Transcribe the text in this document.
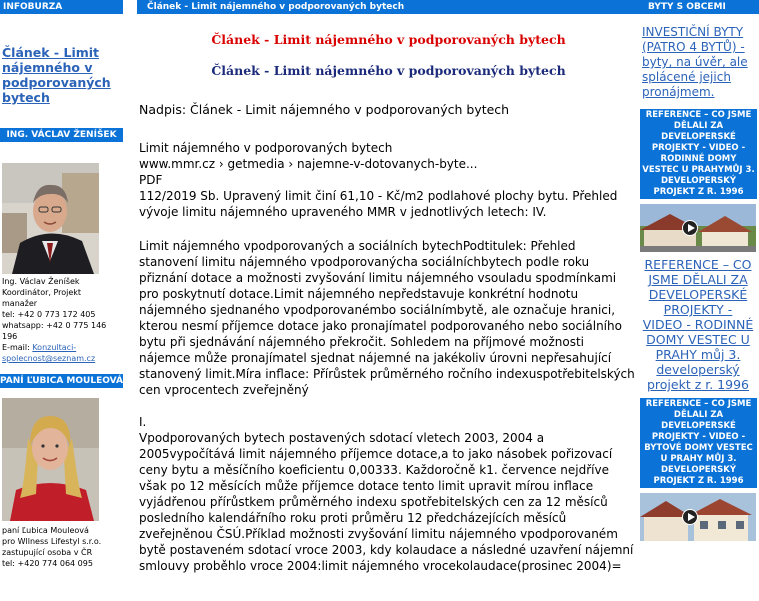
INFOBURZA
Článek - Limit nájemného v podporovaných bytech
ING. VÁCLAV ŽENÍŠEK
Ing. Václav Ženíšek
Koordinátor, Projekt
manažer
tel: +42 0 773 172 405
whatsapp: +42 0 775 146
196
E-mail: Konzultaci-spolecnost@seznam.cz
PANÍ ĽUBICA MOULEOVÁ
paní Ľubica Mouleová
pro Wllness Lifestyl s.r.o.
zastupující osoba v ČR
tel: +420 774 064 095
Článek - Limit nájemného v podporovaných bytech
Článek - Limit nájemného v podporovaných bytech
Článek - Limit nájemného v podporovaných bytech
Nadpis: Článek - Limit nájemného v podporovaných bytech
Limit nájemného v podporovaných bytech
www.mmr.cz › getmedia › najemne-v-dotovanych-byte...
PDF
112/2019 Sb. Upravený limit činí 61,10 - Kč/m2 podlahové plochy bytu. Přehled
vývoje limitu nájemného upraveného MMR v jednotlivých letech: IV.
Limit nájemného vpodporovaných a sociálních bytechPodtitulek: Přehled
stanovení limitu nájemného vpodporovanýcha sociálníchbytech podle roku
přiznání dotace a možnosti zvyšování limitu nájemného vsouladu spodmínkami
pro poskytnutí dotace.Limit nájemného nepředstavuje konkrétní hodnotu
nájemného sjednaného vpodporovanémbo sociálnímbytě, ale označuje hranici,
kterou nesmí příjemce dotace jako pronajímatel podporovaného nebo sociálního
bytu při sjednávání nájemného překročit. Sohledem na příjmové možnosti
nájemce může pronajímatel sjednat nájemné na jakékoliv úrovni nepřesahující
stanovený limit.Míra inflace: Přírůstek průměrného ročního indexuspotřebitelských
cen vprocentech zveřejněný
I.
Vpodporovaných bytech postavených sdotací vletech 2003, 2004 a
2005vypočítává limit nájemného příjemce dotace,a to jako násobek pořizovací
ceny bytu a měsíčního koeficientu 0,00333. Každoročně k1. července nejdříve
však po 12 měsících může příjemce dotace tento limit upravit mírou inflace
vyjádřenou přírůstkem průměrného indexu spotřebitelských cen za 12 měsíců
posledního kalendářního roku proti průměru 12 předcházejících měsíců
zveřejněnou ČSÚ.Příklad možnosti zvyšování limitu nájemného vpodporovaném
bytě postaveném sdotací vroce 2003, kdy kolaudace a následné uzavření nájemní
smlouvy proběhlo vroce 2004:limit nájemného vrocekolaudace(prosinec 2004)=
BYTY S OBCEMI
INVESTIČNÍ BYTY (PATRO 4 BYTŮ) - byty, na úvěr, ale splácené jejich pronájmem.
REFERENCE – CO JSME DĚLALI ZA DEVELOPERSKÉ PROJEKTY - VIDEO - RODINNÉ DOMY VESTEC U PRAHYMŮJ 3. DEVELOPERSKÝ PROJEKT Z R. 1996
REFERENCE – CO JSME DĚLALI ZA DEVELOPERSKÉ PROJEKTY - VIDEO - RODINNÉ DOMY VESTEC U PRAHY můj 3. developerský projekt z r. 1996
REFERENCE – CO JSME DĚLALI ZA DEVELOPERSKÉ PROJEKTY - VIDEO - BYTOVÉ DOMY VESTEC U PRAHY MŮJ 3. DEVELOPERSKÝ PROJEKT Z R. 1996
